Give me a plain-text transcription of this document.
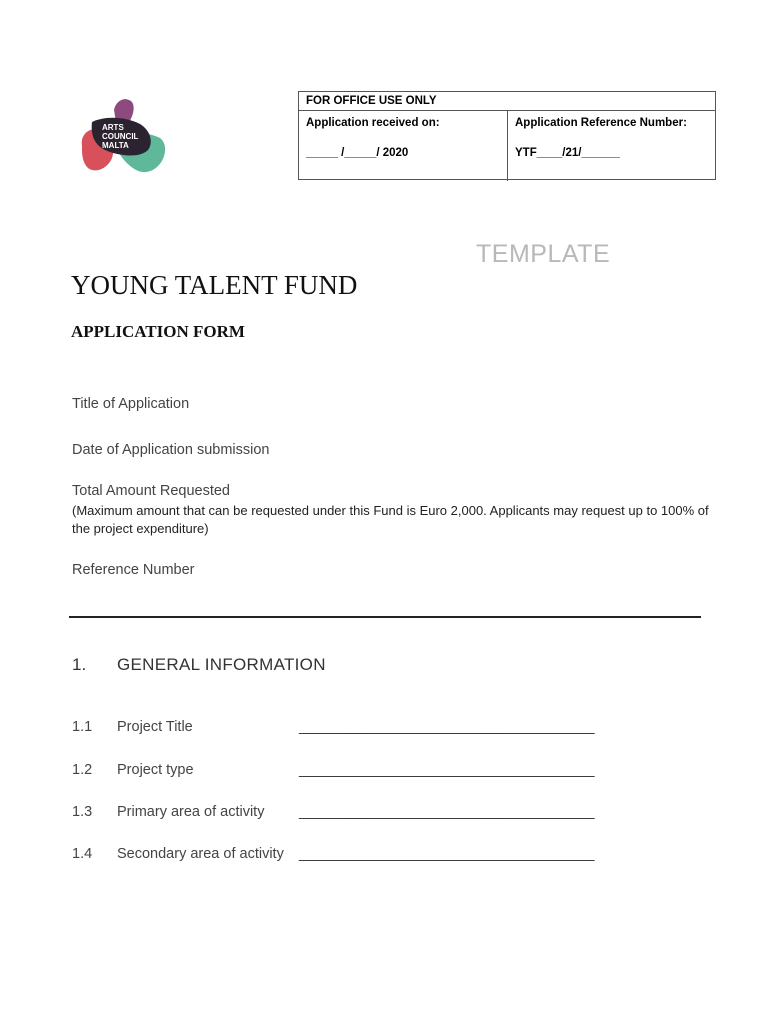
ARTS
COUNCIL
MALTA
FOR OFFICE USE ONLY
Application received on:
_____ /_____/ 2020
Application Reference Number:
YTF____/21/______
TEMPLATE
YOUNG TALENT FUND
APPLICATION FORM
Title of Application
Date of Application submission
Total Amount Requested
(Maximum amount that can be requested under this Fund is Euro 2,000. Applicants may request up to 100% of the project expenditure)
Reference Number
1. GENERAL INFORMATION
1.1 Project Title	_______________________________________
1.2 Project type	_______________________________________
1.3 Primary area of activity _______________________________________
1.4 Secondary area of activity _______________________________________
